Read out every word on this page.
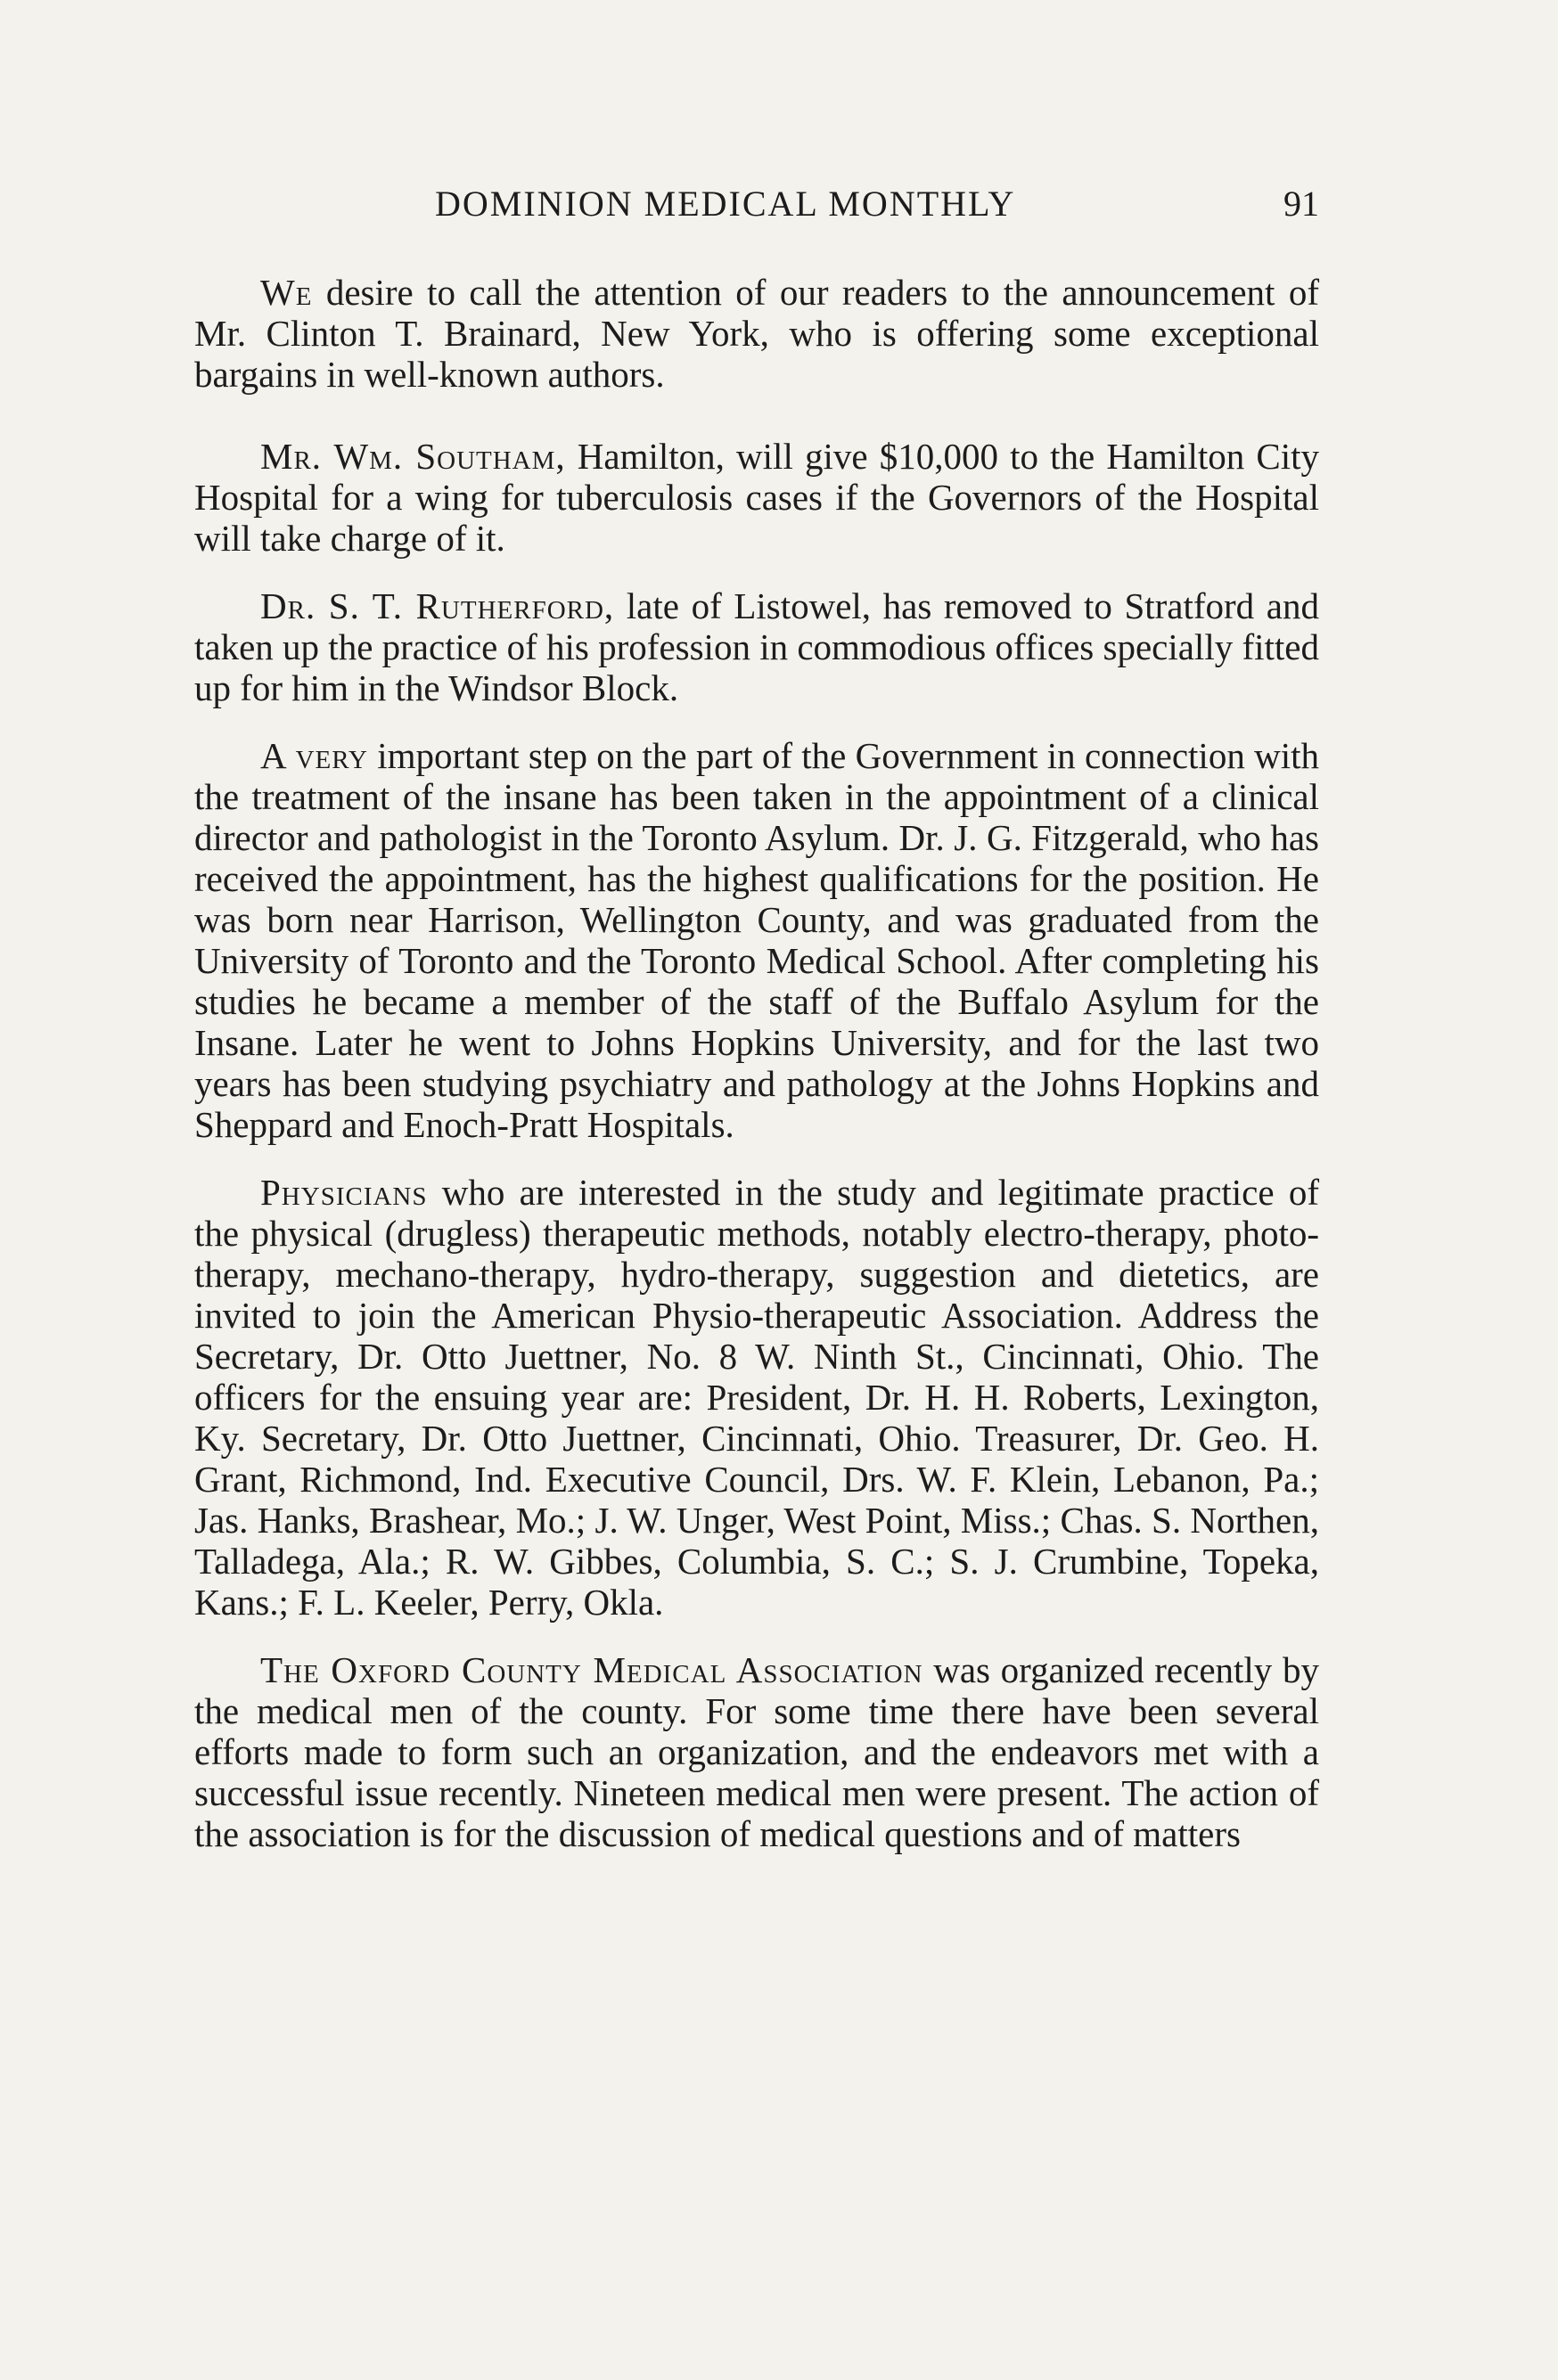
DOMINION MEDICAL MONTHLY	91

We desire to call the attention of our readers to the announcement of Mr. Clinton T. Brainard, New York, who is offering some exceptional bargains in well-known authors.

Mr. Wm. Southam, Hamilton, will give $10,000 to the Hamilton City Hospital for a wing for tuberculosis cases if the Governors of the Hospital will take charge of it.

Dr. S. T. Rutherford, late of Listowel, has removed to Stratford and taken up the practice of his profession in commodious offices specially fitted up for him in the Windsor Block.

A very important step on the part of the Government in connection with the treatment of the insane has been taken in the appointment of a clinical director and pathologist in the Toronto Asylum. Dr. J. G. Fitzgerald, who has received the appointment, has the highest qualifications for the position. He was born near Harrison, Wellington County, and was graduated from the University of Toronto and the Toronto Medical School. After completing his studies he became a member of the staff of the Buffalo Asylum for the Insane. Later he went to Johns Hopkins University, and for the last two years has been studying psychiatry and pathology at the Johns Hopkins and Sheppard and Enoch-Pratt Hospitals.

Physicians who are interested in the study and legitimate practice of the physical (drugless) therapeutic methods, notably electro-therapy, photo-therapy, mechano-therapy, hydro-therapy, suggestion and dietetics, are invited to join the American Physio-therapeutic Association. Address the Secretary, Dr. Otto Juettner, No. 8 W. Ninth St., Cincinnati, Ohio. The officers for the ensuing year are: President, Dr. H. H. Roberts, Lexington, Ky. Secretary, Dr. Otto Juettner, Cincinnati, Ohio. Treasurer, Dr. Geo. H. Grant, Richmond, Ind. Executive Council, Drs. W. F. Klein, Lebanon, Pa.; Jas. Hanks, Brashear, Mo.; J. W. Unger, West Point, Miss.; Chas. S. Northen, Talladega, Ala.; R. W. Gibbes, Columbia, S. C.; S. J. Crumbine, Topeka, Kans.; F. L. Keeler, Perry, Okla.

The Oxford County Medical Association was organized recently by the medical men of the county. For some time there have been several efforts made to form such an organization, and the endeavors met with a successful issue recently. Nineteen medical men were present. The action of the association is for the discussion of medical questions and of matters
